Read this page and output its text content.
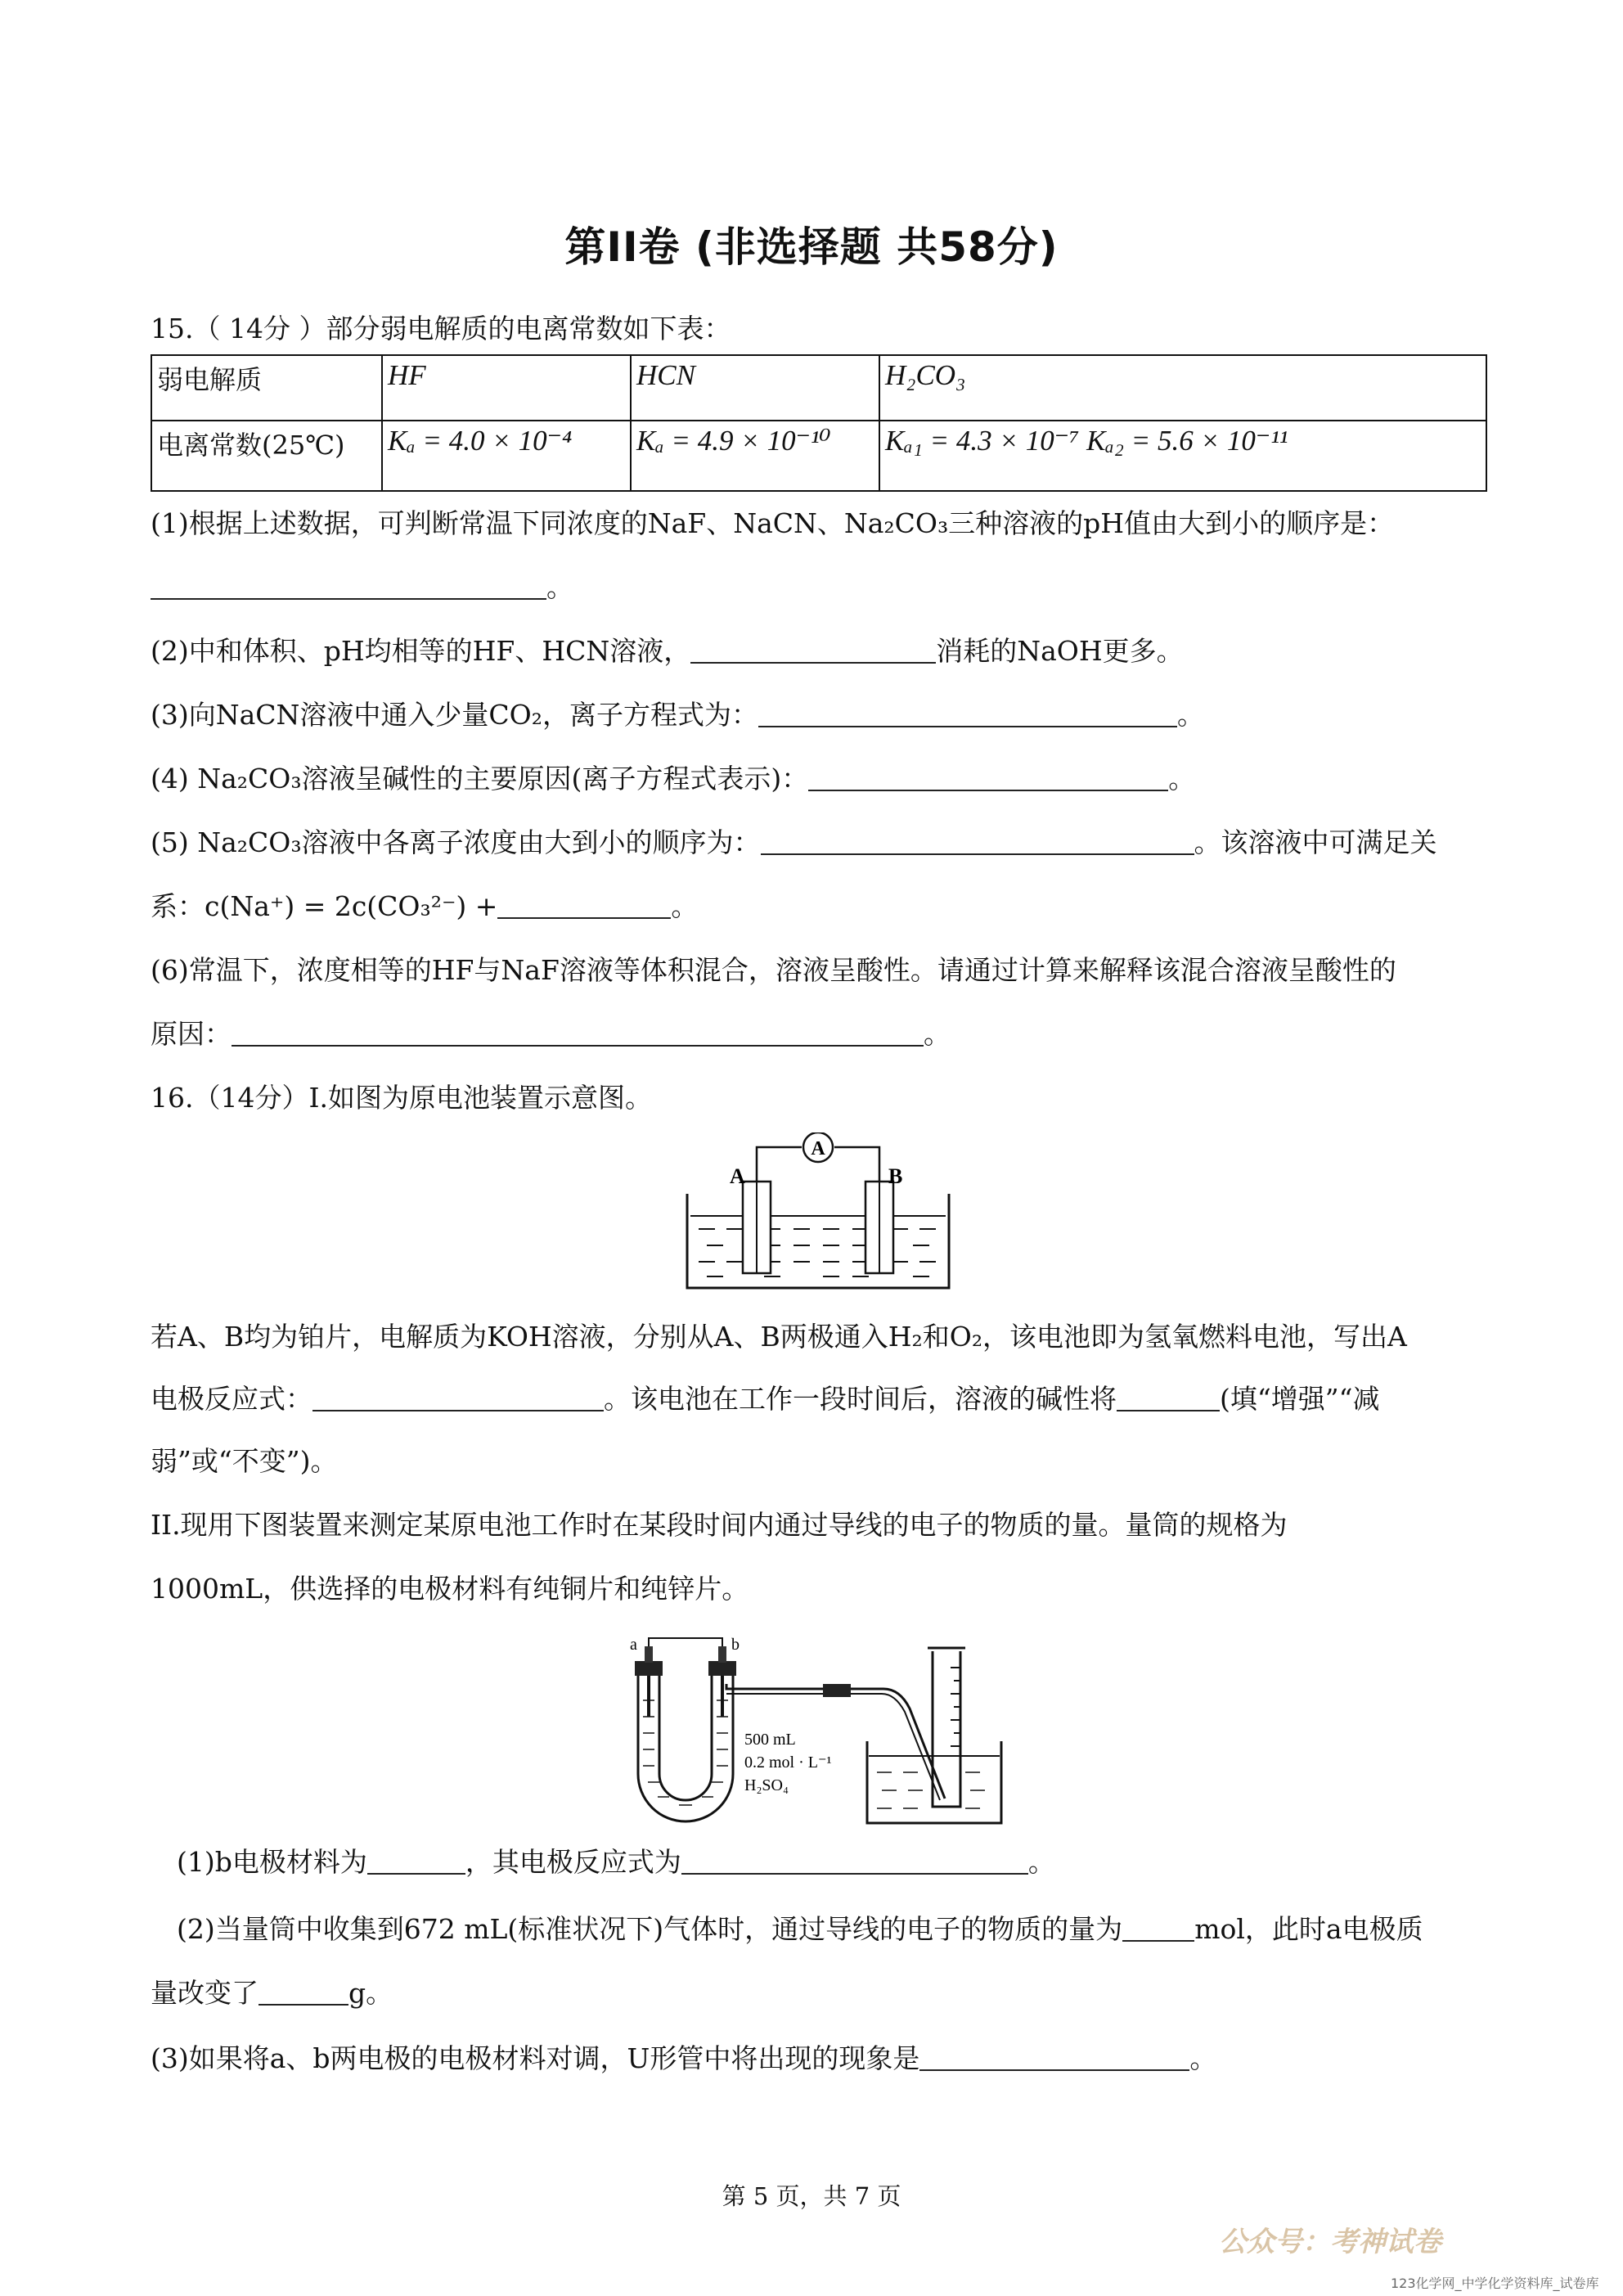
第II卷 (非选择题 共58分)
15.（ 14分 ）部分弱电解质的电离常数如下表：
弱电解质	HF	HCN	H₂CO₃
电离常数(25℃)	Kₐ = 4.0 × 10⁻⁴	Kₐ = 4.9 × 10⁻¹⁰	Kₐ₁ = 4.3 × 10⁻⁷ Kₐ₂ = 5.6 × 10⁻¹¹
(1)根据上述数据，可判断常温下同浓度的NaF、NaCN、Na₂CO₃三种溶液的pH值由大到小的顺序是：
。
(2)中和体积、pH均相等的HF、HCN溶液，	消耗的NaOH更多。
(3)向NaCN溶液中通入少量CO₂，离子方程式为：	。
(4) Na₂CO₃溶液呈碱性的主要原因(离子方程式表示)：	。
(5) Na₂CO₃溶液中各离子浓度由大到小的顺序为：	。该溶液中可满足关
系：c(Na⁺) = 2c(CO₃²⁻) +	。
(6)常温下，浓度相等的HF与NaF溶液等体积混合，溶液呈酸性。请通过计算来解释该混合溶液呈酸性的
原因：	。
16.（14分）I.如图为原电池装置示意图。
A
A	B
若A、B均为铂片，电解质为KOH溶液，分别从A、B两极通入H₂和O₂，该电池即为氢氧燃料电池，写出A
电极反应式：	。该电池在工作一段时间后，溶液的碱性将	(填“增强”“减
弱”或“不变”)。
II.现用下图装置来测定某原电池工作时在某段时间内通过导线的电子的物质的量。量筒的规格为
1000mL，供选择的电极材料有纯铜片和纯锌片。
a	b
500 mL
0.2 mol · L⁻¹
H₂SO₄
(1)b电极材料为	，其电极反应式为	。
(2)当量筒中收集到672 mL(标准状况下)气体时，通过导线的电子的物质的量为	mol，此时a电极质
量改变了	g。
(3)如果将a、b两电极的电极材料对调，U形管中将出现的现象是	。
第 5 页，共 7 页
公众号：考神试卷
123化学网_中学化学资料库_试卷库
